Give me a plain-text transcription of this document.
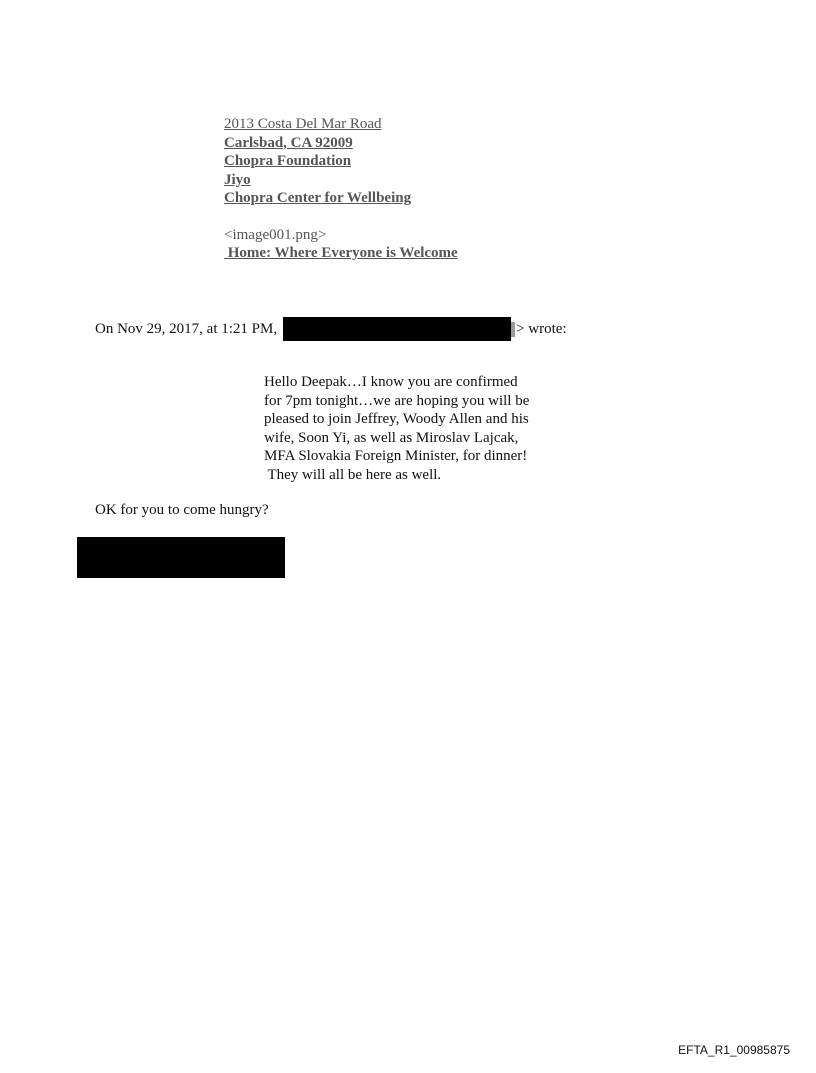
2013 Costa Del Mar Road
Carlsbad, CA 92009
Chopra Foundation
Jiyo
Chopra Center for Wellbeing
<image001.png>
Home: Where Everyone is Welcome
On Nov 29, 2017, at 1:21 PM,	> wrote:
Hello Deepak…I know you are confirmed
for 7pm tonight…we are hoping you will be
pleased to join Jeffrey, Woody Allen and his
wife, Soon Yi, as well as Miroslav Lajcak,
MFA Slovakia Foreign Minister, for dinner!
They will all be here as well.
OK for you to come hungry?
EFTA_R1_00985875
